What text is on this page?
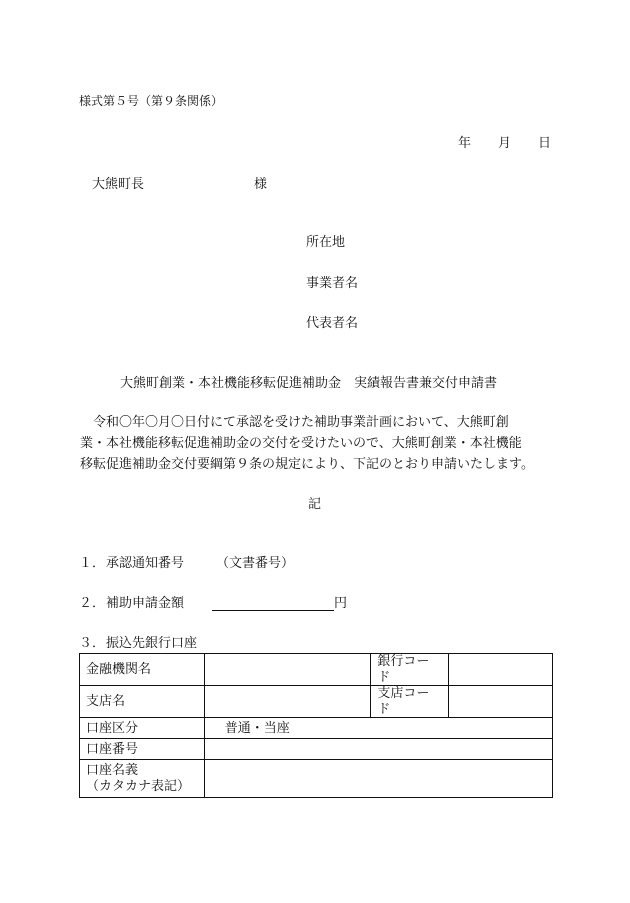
様式第５号（第９条関係）
年 月 日
大熊町長	様
所在地
事業者名
代表者名
大熊町創業・本社機能移転促進補助金　実績報告書兼交付申請書
令和〇年〇月〇日付にて承認を受けた補助事業計画において、大熊町創
業・本社機能移転促進補助金の交付を受けたいので、大熊町創業・本社機能
移転促進補助金交付要綱第９条の規定により、下記のとおり申請いたします。
記
１． 承認通知番号 （文書番号）
２． 補助申請金額	円
３． 振込先銀行口座
金融機関名		銀行コード	
支店名		支店コード	
口座区分	普通・当座		
口座番号			

口座名義
（カタカナ表記）			
